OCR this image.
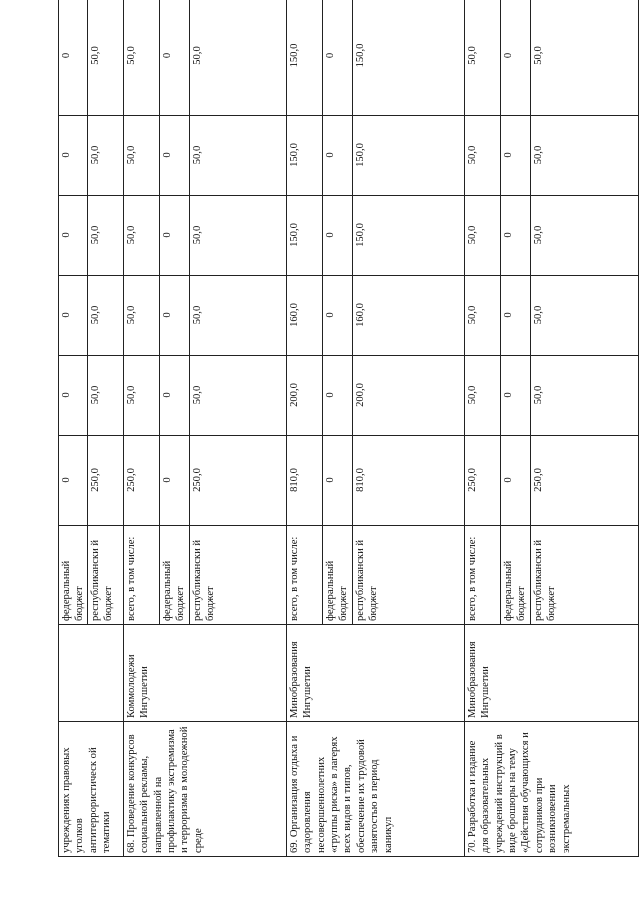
учреждениях правовых уголков антитеррористическ ой тематики		федеральный бюджет	0	0	0	0	0	0
		республикански й бюджет	250,0	50,0	50,0	50,0	50,0	50,0
68. Проведение конкурсов социальной рекламы, направленной на профилактику экстремизма и терроризма в молодежной среде	Коммолодежи Ингушетии	всего, в том числе:	250,0	50,0	50,0	50,0	50,0	50,0
		федеральный бюджет	0	0	0	0	0	0
		республикански й бюджет	250,0	50,0	50,0	50,0	50,0	50,0
69. Организация отдыха и оздоровления несовершеннолетних «группы риска» в лагерях всех видов и типов, обеспечение их трудовой занятостью в период каникул	Минобразования Ингушетии	всего, в том числе:	810,0	200,0	160,0	150,0	150,0	150,0
		федеральный бюджет	0	0	0	0	0	0
		республикански й бюджет	810,0	200,0	160,0	150,0	150,0	150,0
70. Разработка и издание для образовательных учреждений инструкций в виде брошюры на тему «Действия обучающихся и сотрудников при возникновении экстремальных	Минобразования Ингушетии	всего, в том числе:	250,0	50,0	50,0	50,0	50,0	50,0
		федеральный бюджет	0	0	0	0	0	0
		республикански й бюджет	250,0	50,0	50,0	50,0	50,0	50,0
